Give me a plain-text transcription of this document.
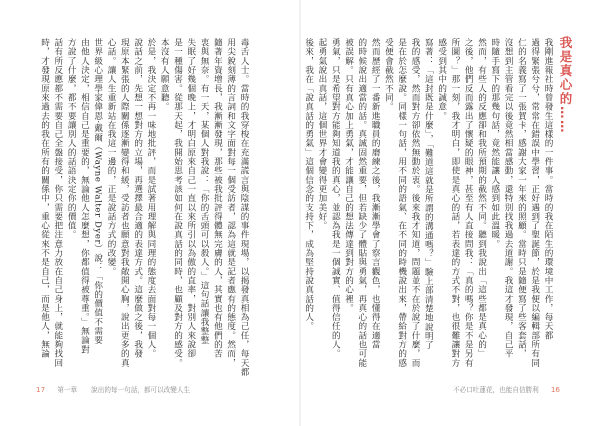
我是真心的……
我剛進報社時曾發生這樣的一件事。當時的我在陌生的環境中工作，每天都
過得緊張兮兮，常常在錯誤中學習，正好遇到了聖誕節，於是我便以編輯部所有同
仁的名義寫了一張賀卡，感謝大家一年來的照顧。當時只是隨便寫了些客套話，
沒想到主管看完以後竟然相當感動，還特別找我過去道謝。我這才發現，自己平
時隨手寫下的那幾句話，竟然能讓人感到如此溫暖。
然而，有些人的反應卻和我所預期的截然不同。聽到我說出「這些都是真心的」
之後，他們反而露出了懷疑的眼神，甚至有人直接問我：「真的嗎？你是不是另有
所圖？」那一刻，我才明白，即使是真心的話，若表達的方式不對，也很難讓對方
感受到其中的誠意。
寫著：「這封既是什麼」，「難道這就是所謂的溝通嗎？」驗上部清楚地說明了
我的感受，然而對方卻依然無動於衷。後來我才知道，問題並不在於說了什麼，而
是在於怎麼說。同樣一句話，用不同的語氣、在不同的時機說出來，帶給對方的感
受便會截然不同。
然而歷經了一番新進職員的磨練之後，我漸漸學會了察言觀色，也懂得在適當
的時候說出適當的話。真誠固然重要，但若缺少了體貼與勇氣，再真心的話也可能
被誤解。只有真心加上勇氣，才能讓自己的想法傳達到對方的心裡。
勇氣，只是希望對方能夠知道我的真心，並認為我是一個誠實、值得信任的人。
起勇氣說出真話，這個世界才會變得更加美好。
後來，我在「說真話的勇氣」這個信念的支持下，成為堅持說真話的人。
不必口吐蓮花，也能自信勝利 16
毒舌人士。當時的我穿梭在充滿謊言與陰謀的事件現場，以揭發真相為己任，每天都
用尖銳刻薄的言詞和文字面對每一個受訪者，認為這就是記者應有的態度。然而，
隨著年資增長，我漸漸發現，那些被我批評得體無完膚的人，其實也有他們的苦
衷與無奈。有一天，某個人對我說：「你的舌頭可以殺人。」這句話讓我整整
失眠了好幾個晚上，才明白原來自己一直以來所引以為傲的直率，對別人來說卻
是一種傷害。從那天起，我開始思考該如何在說真話的同時，也顧及對方的感受。
本沒有人願意聽。
於是，我決定不再一味地批評，而是試著用理解與同理的態度去面對每一個人。
說話之前，先想一想對方的立場，再選擇最合適的表達方式。這麼做之後，我發
現原本緊張的人際關係逐漸變得和緩，受訪者也願意對我敞開心胸，說出更多的真
心話。讓人生重新站在我這一邊的，正是說話方式的改變。
世界級心理學家偉恩·戴爾（Wayne Walter Dyer）說：「你的價值不需要
由他人決定，相信自己是重要的，無論他人怎麼想，你都值得被尊重。」無論對
方說了什麼，都不要讓別人的話語決定你的價值。
話有所反應都不需要自己全盤接受，你只需要把注意力放在自己身上，就能夠找回
時，才發現原來過去的我在所有的關係中，重心從來不是自己，而是他人，無論
17 第一章 說出的每一句話，都可以改變人生
